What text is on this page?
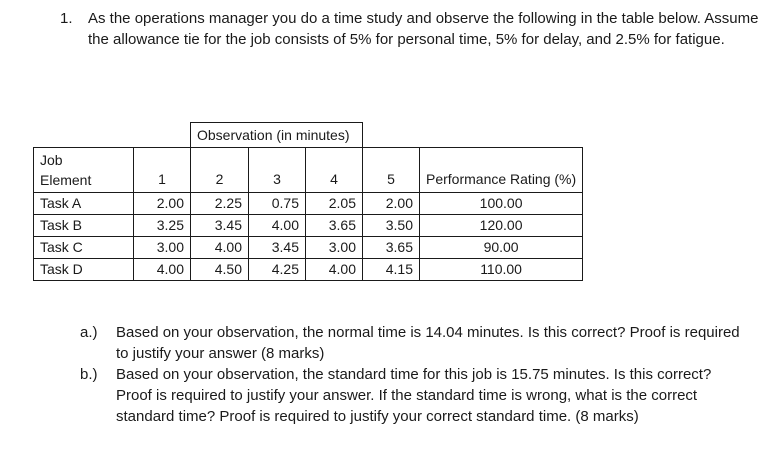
1. As the operations manager you do a time study and observe the following in the table below. Assume the allowance tie for the job consists of 5% for personal time, 5% for delay, and 2.5% for fatigue.
		Observation (in minutes)				
Job
Element	1	2	3	4	5	Performance Rating (%)
Task A	2.00	2.25	0.75	2.05	2.00	100.00
Task B	3.25	3.45	4.00	3.65	3.50	120.00
Task C	3.00	4.00	3.45	3.00	3.65	90.00
Task D	4.00	4.50	4.25	4.00	4.15	110.00
a.) Based on your observation, the normal time is 14.04 minutes. Is this correct? Proof is required to justify your answer (8 marks)
b.) Based on your observation, the standard time for this job is 15.75 minutes. Is this correct? Proof is required to justify your answer. If the standard time is wrong, what is the correct standard time? Proof is required to justify your correct standard time. (8 marks)
